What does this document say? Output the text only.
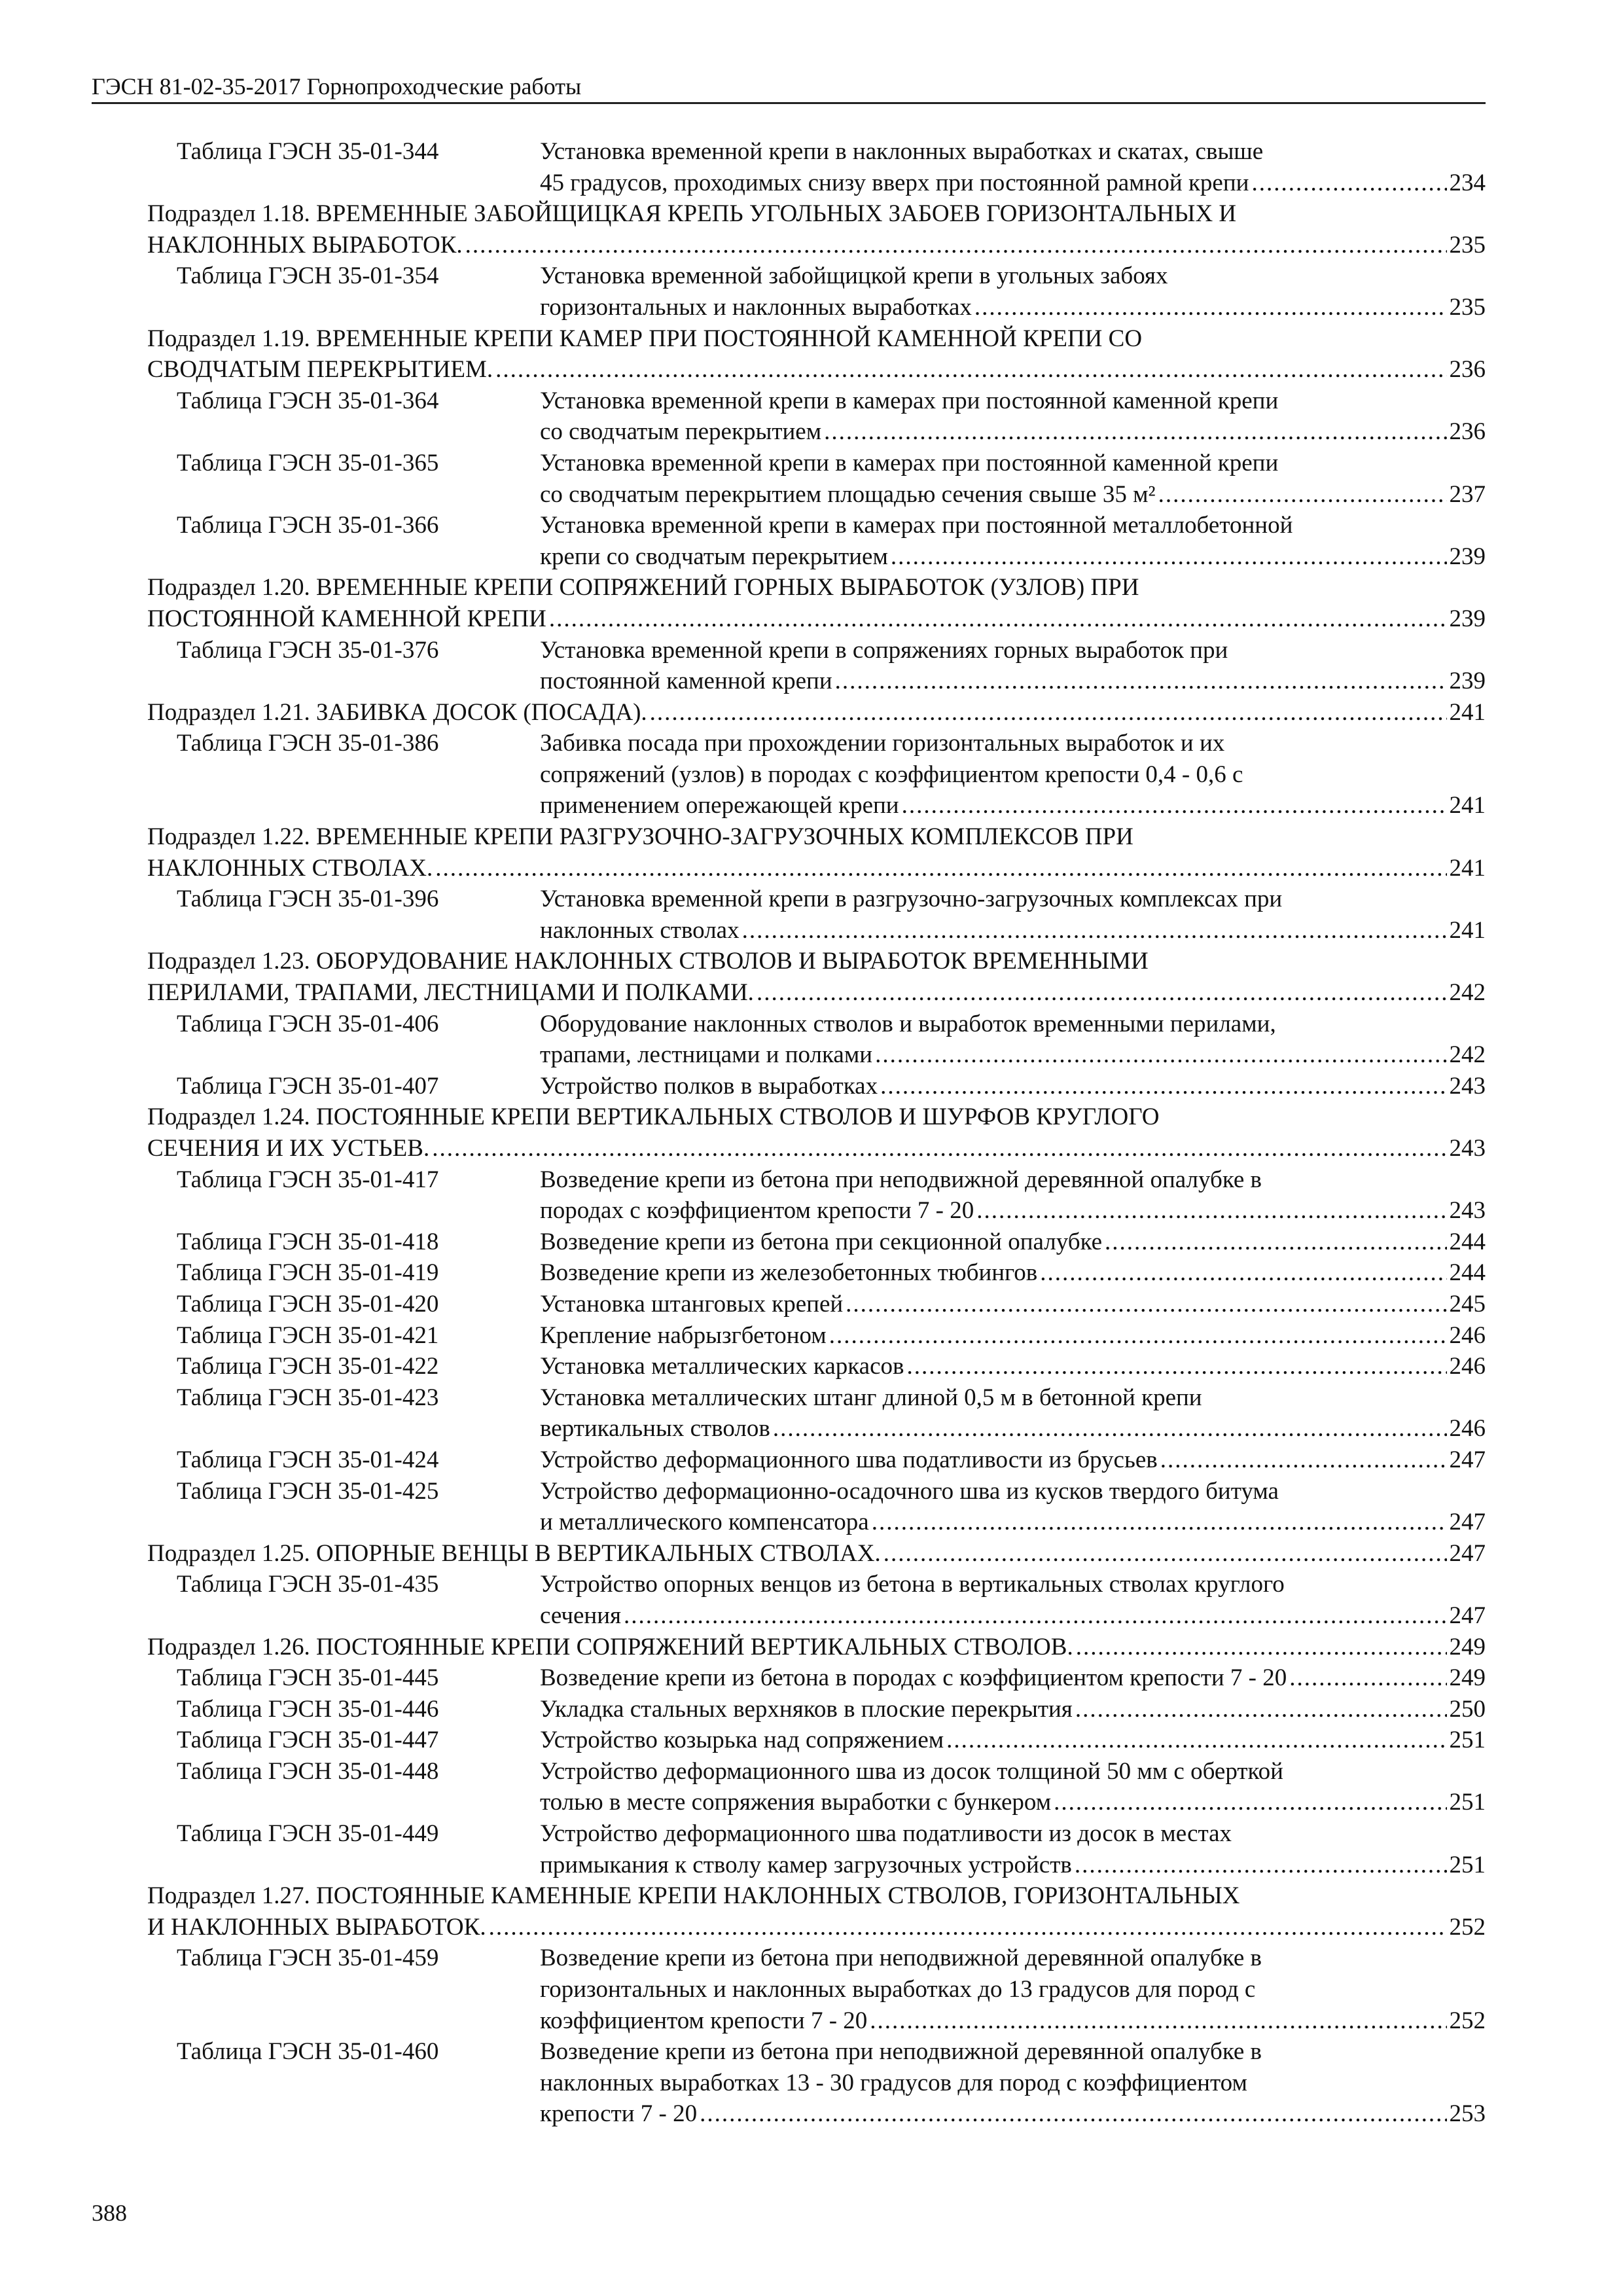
ГЭСН 81-02-35-2017 Горнопроходческие работы
Таблица ГЭСН 35-01-344	Установка временной крепи в наклонных выработках и скатах, свыше
45 градусов, проходимых снизу вверх при постоянной рамной крепи .....	234
Подраздел 1.18. ВРЕМЕННЫЕ ЗАБОЙЩИЦКАЯ КРЕПЬ УГОЛЬНЫХ ЗАБОЕВ ГОРИЗОНТАЛЬНЫХ И
НАКЛОННЫХ ВЫРАБОТОК. .....	235
Таблица ГЭСН 35-01-354	Установка временной забойщицкой крепи в угольных забоях
горизонтальных и наклонных выработках .....	235
Подраздел 1.19. ВРЕМЕННЫЕ КРЕПИ КАМЕР ПРИ ПОСТОЯННОЙ КАМЕННОЙ КРЕПИ СО
СВОДЧАТЫМ ПЕРЕКРЫТИЕМ. .....	236
Таблица ГЭСН 35-01-364	Установка временной крепи в камерах при постоянной каменной крепи
со сводчатым перекрытием .....	236
Таблица ГЭСН 35-01-365	Установка временной крепи в камерах при постоянной каменной крепи
со сводчатым перекрытием площадью сечения свыше 35 м² .....	237
Таблица ГЭСН 35-01-366	Установка временной крепи в камерах при постоянной металлобетонной
крепи со сводчатым перекрытием .....	239
Подраздел 1.20. ВРЕМЕННЫЕ КРЕПИ СОПРЯЖЕНИЙ ГОРНЫХ ВЫРАБОТОК (УЗЛОВ) ПРИ
ПОСТОЯННОЙ КАМЕННОЙ КРЕПИ .....	239
Таблица ГЭСН 35-01-376	Установка временной крепи в сопряжениях горных выработок при
постоянной каменной крепи .....	239
Подраздел 1.21. ЗАБИВКА ДОСОК (ПОСАДА). .....	241
Таблица ГЭСН 35-01-386	Забивка посада при прохождении горизонтальных выработок и их
сопряжений (узлов) в породах с коэффициентом крепости 0,4 - 0,6 с
применением опережающей крепи .....	241
Подраздел 1.22. ВРЕМЕННЫЕ КРЕПИ РАЗГРУЗОЧНО-ЗАГРУЗОЧНЫХ КОМПЛЕКСОВ ПРИ
НАКЛОННЫХ СТВОЛАХ. .....	241
Таблица ГЭСН 35-01-396	Установка временной крепи в разгрузочно-загрузочных комплексах при
наклонных стволах .....	241
Подраздел 1.23. ОБОРУДОВАНИЕ НАКЛОННЫХ СТВОЛОВ И ВЫРАБОТОК ВРЕМЕННЫМИ
ПЕРИЛАМИ, ТРАПАМИ, ЛЕСТНИЦАМИ И ПОЛКАМИ. .....	242
Таблица ГЭСН 35-01-406	Оборудование наклонных стволов и выработок временными перилами,
трапами, лестницами и полками .....	242
Таблица ГЭСН 35-01-407	Устройство полков в выработках .....	243
Подраздел 1.24. ПОСТОЯННЫЕ КРЕПИ ВЕРТИКАЛЬНЫХ СТВОЛОВ И ШУРФОВ КРУГЛОГО
СЕЧЕНИЯ И ИХ УСТЬЕВ. .....	243
Таблица ГЭСН 35-01-417	Возведение крепи из бетона при неподвижной деревянной опалубке в
породах с коэффициентом крепости 7 - 20 .....	243
Таблица ГЭСН 35-01-418	Возведение крепи из бетона при секционной опалубке .....	244
Таблица ГЭСН 35-01-419	Возведение крепи из железобетонных тюбингов .....	244
Таблица ГЭСН 35-01-420	Установка штанговых крепей .....	245
Таблица ГЭСН 35-01-421	Крепление набрызгбетоном .....	246
Таблица ГЭСН 35-01-422	Установка металлических каркасов .....	246
Таблица ГЭСН 35-01-423	Установка металлических штанг длиной 0,5 м в бетонной крепи
вертикальных стволов .....	246
Таблица ГЭСН 35-01-424	Устройство деформационного шва податливости из брусьев .....	247
Таблица ГЭСН 35-01-425	Устройство деформационно-осадочного шва из кусков твердого битума
и металлического компенсатора .....	247
Подраздел 1.25. ОПОРНЫЕ ВЕНЦЫ В ВЕРТИКАЛЬНЫХ СТВОЛАХ. .....	247
Таблица ГЭСН 35-01-435	Устройство опорных венцов из бетона в вертикальных стволах круглого
сечения .....	247
Подраздел 1.26. ПОСТОЯННЫЕ КРЕПИ СОПРЯЖЕНИЙ ВЕРТИКАЛЬНЫХ СТВОЛОВ. .....	249
Таблица ГЭСН 35-01-445	Возведение крепи из бетона в породах с коэффициентом крепости 7 - 20 .....	249
Таблица ГЭСН 35-01-446	Укладка стальных верхняков в плоские перекрытия .....	250
Таблица ГЭСН 35-01-447	Устройство козырька над сопряжением .....	251
Таблица ГЭСН 35-01-448	Устройство деформационного шва из досок толщиной 50 мм с оберткой
толью в месте сопряжения выработки с бункером .....	251
Таблица ГЭСН 35-01-449	Устройство деформационного шва податливости из досок в местах
примыкания к стволу камер загрузочных устройств .....	251
Подраздел 1.27. ПОСТОЯННЫЕ КАМЕННЫЕ КРЕПИ НАКЛОННЫХ СТВОЛОВ, ГОРИЗОНТАЛЬНЫХ
И НАКЛОННЫХ ВЫРАБОТОК. .....	252
Таблица ГЭСН 35-01-459	Возведение крепи из бетона при неподвижной деревянной опалубке в
горизонтальных и наклонных выработках до 13 градусов для пород с
коэффициентом крепости 7 - 20 .....	252
Таблица ГЭСН 35-01-460	Возведение крепи из бетона при неподвижной деревянной опалубке в
наклонных выработках 13 - 30 градусов для пород с коэффициентом
крепости 7 - 20 .....	253
388
